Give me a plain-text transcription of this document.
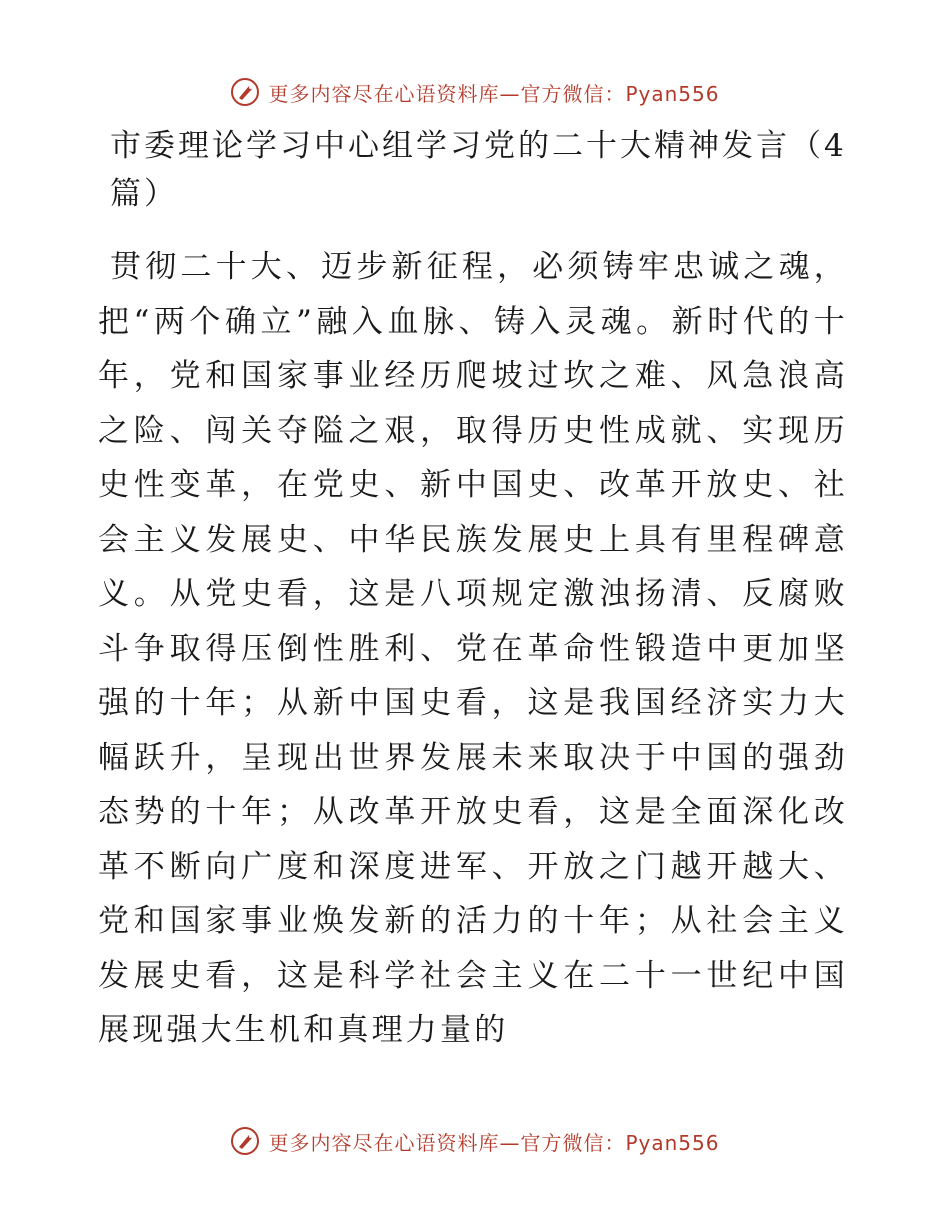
更多内容尽在心语资料库—官方微信：Pyan556
市委理论学习中心组学习党的二十大精神发言（4篇）

贯彻二十大、迈步新征程，必须铸牢忠诚之魂，把“两个确立”融入血脉、铸入灵魂。新时代的十年，党和国家事业经历爬坡过坎之难、风急浪高之险、闯关夺隘之艰，取得历史性成就、实现历史性变革，在党史、新中国史、改革开放史、社会主义发展史、中华民族发展史上具有里程碑意义。从党史看，这是八项规定激浊扬清、反腐败斗争取得压倒性胜利、党在革命性锻造中更加坚强的十年；从新中国史看，这是我国经济实力大幅跃升，呈现出世界发展未来取决于中国的强劲态势的十年；从改革开放史看，这是全面深化改革不断向广度和深度进军、开放之门越开越大、党和国家事业焕发新的活力的十年；从社会主义发展史看，这是科学社会主义在二十一世纪中国展现强大生机和真理力量的

更多内容尽在心语资料库—官方微信：Pyan556
